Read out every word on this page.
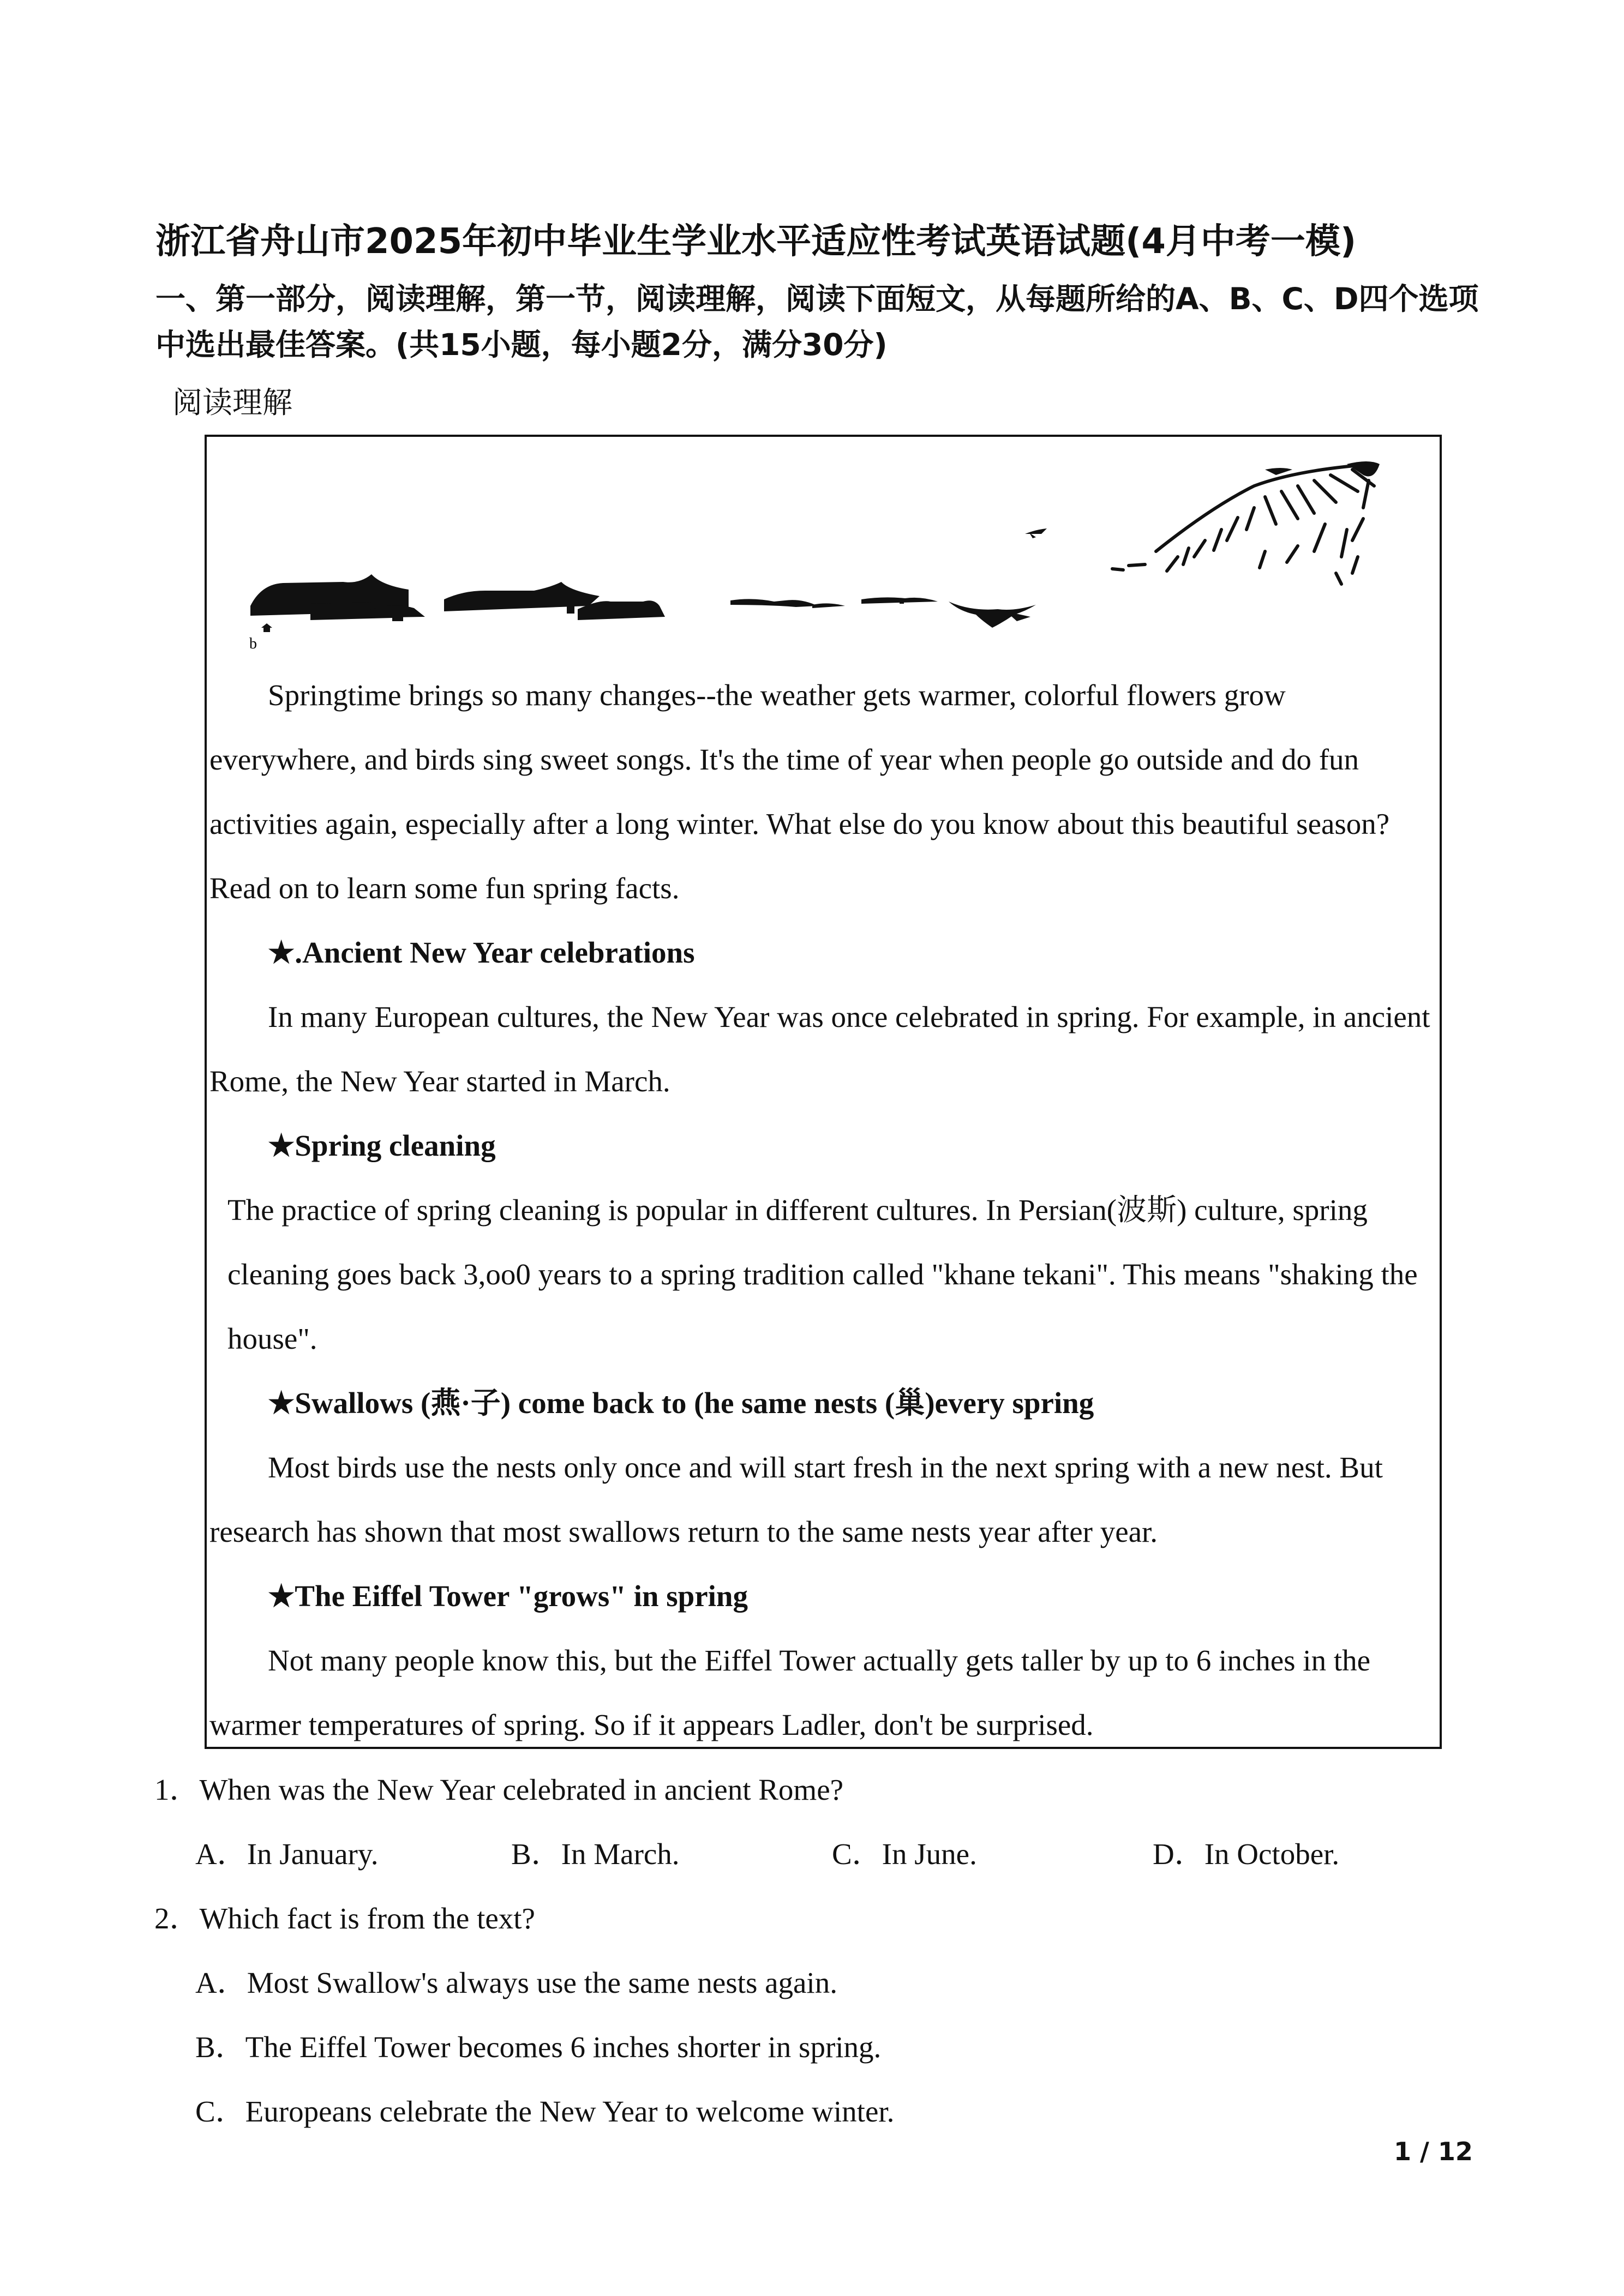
浙江省舟山市2025年初中毕业生学业水平适应性考试英语试题(4月中考一模)

一、第一部分，阅读理解，第一节，阅读理解，阅读下面短文，从每题所给的A、B、C、D四个选项中选出最佳答案。(共15小题，每小题2分，满分30分)

阅读理解

b

Springtime brings so many changes--the weather gets warmer, colorful flowers grow everywhere, and birds sing sweet songs. It's the time of year when people go outside and do fun activities again, especially after a long winter. What else do you know about this beautiful season? Read on to learn some fun spring facts.

★.Ancient New Year celebrations

In many European cultures, the New Year was once celebrated in spring. For example, in ancient Rome, the New Year started in March.

★Spring cleaning

The practice of spring cleaning is popular in different cultures. In Persian(波斯) culture, spring cleaning goes back 3,oo0 years to a spring tradition called "khane tekani". This means "shaking the house".

★Swallows (燕·子) come back to (he same nests (巢)every spring

Most birds use the nests only once and will start fresh in the next spring with a new nest. But research has shown that most swallows return to the same nests year after year.

★The Eiffel Tower "grows" in spring

Not many people know this, but the Eiffel Tower actually gets taller by up to 6 inches in the warmer temperatures of spring. So if it appears Ladler, don't be surprised.

1．When was the New Year celebrated in ancient Rome?

A．In January.	B．In March.	C．In June.	D．In October.

2．Which fact is from the text?

A．Most Swallow's always use the same nests again.

B．The Eiffel Tower becomes 6 inches shorter in spring.

C．Europeans celebrate the New Year to welcome winter.

1 / 12
